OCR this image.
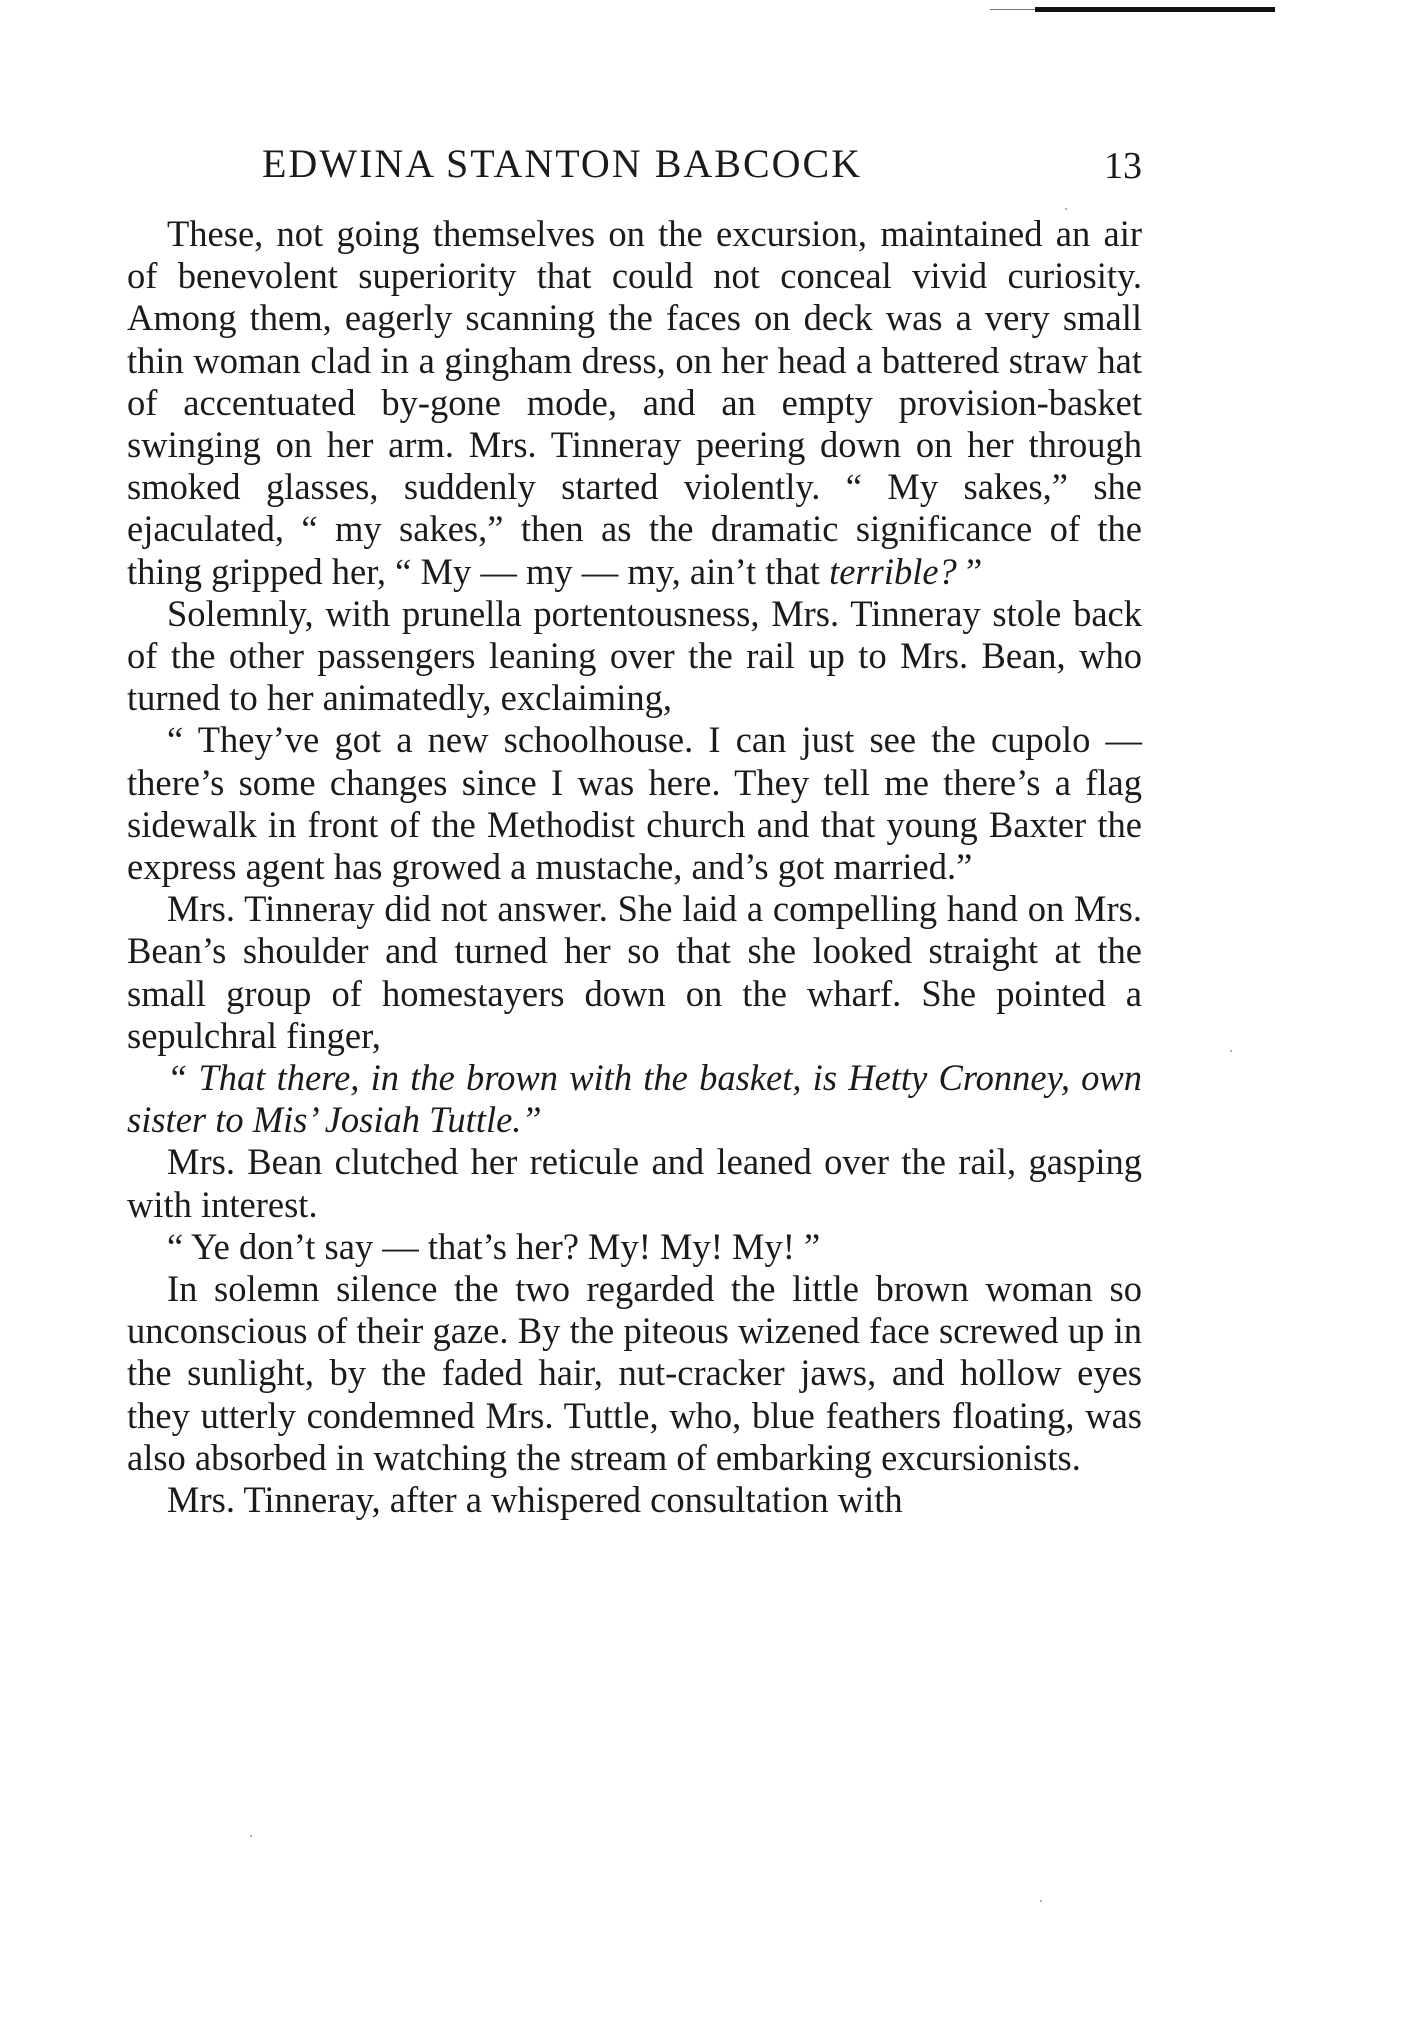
EDWINA STANTON BABCOCK	13

These, not going themselves on the excursion, maintained an air of benevolent superiority that could not conceal vivid curiosity. Among them, eagerly scanning the faces on deck was a very small thin woman clad in a gingham dress, on her head a battered straw hat of accentuated by-gone mode, and an empty provision-basket swinging on her arm. Mrs. Tinneray peering down on her through smoked glasses, suddenly started violently. “ My sakes,” she ejaculated, “ my sakes,” then as the dramatic significance of the thing gripped her, “ My — my — my, ain’t that terrible? ”

Solemnly, with prunella portentousness, Mrs. Tinneray stole back of the other passengers leaning over the rail up to Mrs. Bean, who turned to her animatedly, exclaiming,

“ They’ve got a new schoolhouse. I can just see the cupolo — there’s some changes since I was here. They tell me there’s a flag sidewalk in front of the Methodist church and that young Baxter the express agent has growed a mustache, and’s got married.”

Mrs. Tinneray did not answer. She laid a compelling hand on Mrs. Bean’s shoulder and turned her so that she looked straight at the small group of homestayers down on the wharf. She pointed a sepulchral finger,

“ That there, in the brown with the basket, is Hetty Cronney, own sister to Mis’ Josiah Tuttle.”

Mrs. Bean clutched her reticule and leaned over the rail, gasping with interest.

“ Ye don’t say — that’s her? My! My! My! ”

In solemn silence the two regarded the little brown woman so unconscious of their gaze. By the piteous wizened face screwed up in the sunlight, by the faded hair, nut-cracker jaws, and hollow eyes they utterly condemned Mrs. Tuttle, who, blue feathers floating, was also absorbed in watching the stream of embarking excursionists.

Mrs. Tinneray, after a whispered consultation with
